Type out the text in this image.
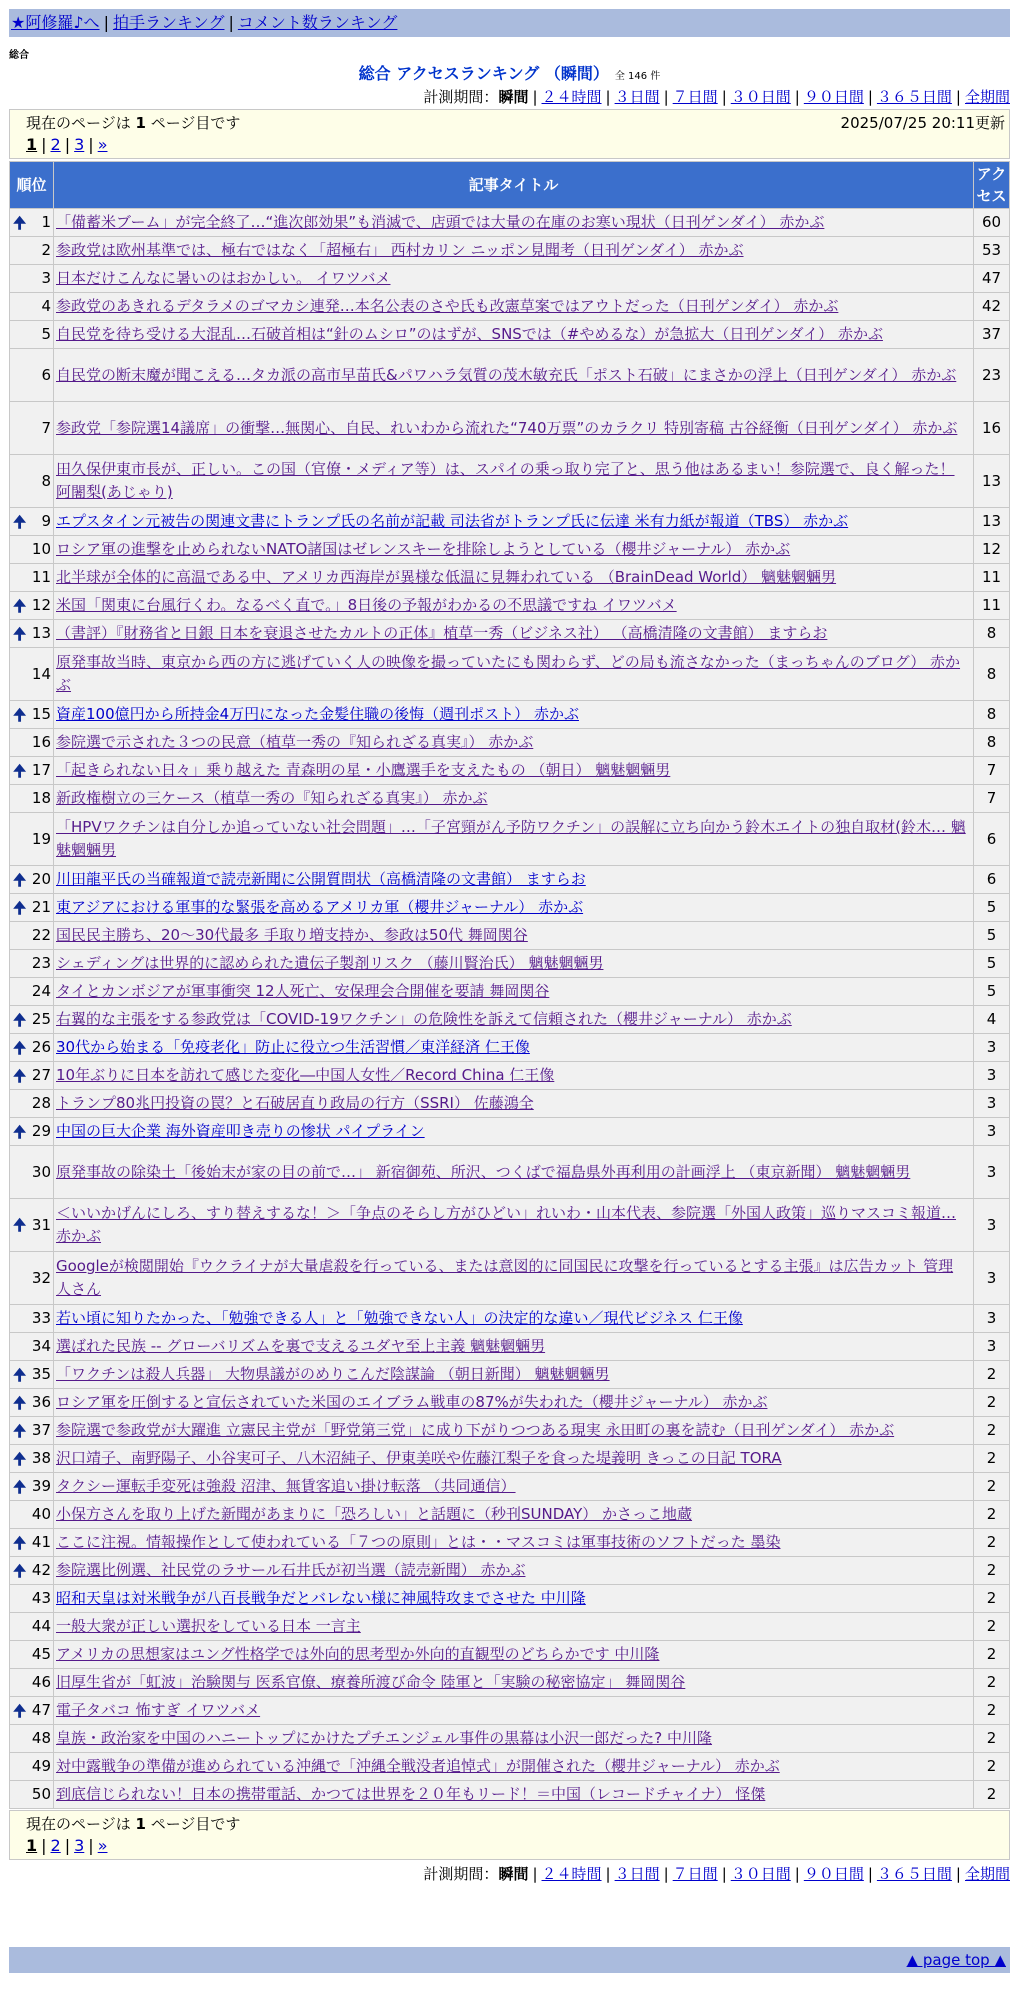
★阿修羅♪へ | 拍手ランキング | コメント数ランキング
総合
総合 アクセスランキング （瞬間） 全 146 件
計測期間：瞬間 | ２４時間 | ３日間 | ７日間 | ３０日間 | ９０日間 | ３６５日間 | 全期間
現在のページは 1 ページ目です	2025/07/25 20:11更新
1 | 2 | 3 | »
順位	記事タイトル	アクセス

🠉 1	「備蓄米ブーム」が完全終了…“進次郎効果”も消滅で、店頭では大量の在庫のお寒い現状（日刊ゲンダイ） 赤かぶ	60
2	参政党は欧州基準では、極右ではなく「超極右」 西村カリン ニッポン見聞考（日刊ゲンダイ） 赤かぶ	53
3	日本だけこんなに暑いのはおかしい。 イワツバメ	47
4	参政党のあきれるデタラメのゴマカシ連発…本名公表のさや氏も改憲草案ではアウトだった（日刊ゲンダイ） 赤かぶ	42
5	自民党を待ち受ける大混乱…石破首相は“針のムシロ”のはずが、SNSでは（#やめるな）が急拡大（日刊ゲンダイ） 赤かぶ	37
6	自民党の断末魔が聞こえる…タカ派の高市早苗氏&パワハラ気質の茂木敏充氏「ポスト石破」にまさかの浮上（日刊ゲンダイ） 赤かぶ	23
7	参政党「参院選14議席」の衝撃…無関心、自民、れいわから流れた“740万票”のカラクリ 特別寄稿 古谷経衡（日刊ゲンダイ） 赤かぶ	16
8	田久保伊東市長が、正しい。この国（官僚・メディア等）は、スパイの乗っ取り完了と、思う他はあるまい！参院選で、良く解った！ 阿闍梨(あじゃり)	13

🠉 9	エプスタイン元被告の関連文書にトランプ氏の名前が記載 司法省がトランプ氏に伝達 米有力紙が報道（TBS） 赤かぶ	13
10	ロシア軍の進撃を止められないNATO諸国はゼレンスキーを排除しようとしている（櫻井ジャーナル） 赤かぶ	12
11	北半球が全体的に高温である中、アメリカ西海岸が異様な低温に見舞われている （BrainDead World） 魑魅魍魎男	11

🠉 12	米国「関東に台風行くわ。なるべく直で。」8日後の予報がわかるの不思議ですね イワツバメ	11

🠉 13	（書評）『財務省と日銀 日本を衰退させたカルトの正体』植草一秀（ビジネス社） （高橋清隆の文書館） ますらお	8
14	原発事故当時、東京から西の方に逃げていく人の映像を撮っていたにも関わらず、どの局も流さなかった（まっちゃんのブログ） 赤かぶ	8

🠉 15	資産100億円から所持金4万円になった金髪住職の後悔（週刊ポスト） 赤かぶ	8
16	参院選で示された３つの民意（植草一秀の『知られざる真実』） 赤かぶ	8

🠉 17	「起きられない日々」乗り越えた 青森明の星・小鷹選手を支えたもの （朝日） 魑魅魍魎男	7
18	新政権樹立の三ケース（植草一秀の『知られざる真実』） 赤かぶ	7
19	「HPVワクチンは自分しか追っていない社会問題」…「子宮頸がん予防ワクチン」の誤解に立ち向かう鈴木エイトの独自取材(鈴木… 魑魅魍魎男	6

🠉 20	川田龍平氏の当確報道で読売新聞に公開質問状（高橋清隆の文書館） ますらお	6

🠉 21	東アジアにおける軍事的な緊張を高めるアメリカ軍（櫻井ジャーナル） 赤かぶ	5
22	国民民主勝ち、20～30代最多 手取り増支持か、参政は50代 舞岡関谷	5
23	シェディングは世界的に認められた遺伝子製剤リスク （藤川賢治氏） 魑魅魍魎男	5
24	タイとカンボジアが軍事衝突 12人死亡、安保理会合開催を要請 舞岡関谷	5

🠉 25	右翼的な主張をする参政党は「COVID-19ワクチン」の危険性を訴えて信頼された（櫻井ジャーナル） 赤かぶ	4

🠉 26	30代から始まる「免疫老化」防止に役立つ生活習慣／東洋経済 仁王像	3

🠉 27	10年ぶりに日本を訪れて感じた変化―中国人女性／Record China 仁王像	3
28	トランプ80兆円投資の罠？と石破居直り政局の行方（SSRI） 佐藤鴻全	3

🠉 29	中国の巨大企業 海外資産叩き売りの惨状 パイプライン	3
30	原発事故の除染土「後始末が家の目の前で…」 新宿御苑、所沢、つくばで福島県外再利用の計画浮上 （東京新聞） 魑魅魍魎男	3

🠉 31	＜いいかげんにしろ、すり替えするな！＞「争点のそらし方がひどい」れいわ・山本代表、参院選「外国人政策」巡りマスコミ報道… 赤かぶ	3
32	Googleが検閲開始『ウクライナが大量虐殺を行っている、または意図的に同国民に攻撃を行っているとする主張』は広告カット 管理人さん	3
33	若い頃に知りたかった、「勉強できる人」と「勉強できない人」の決定的な違い／現代ビジネス 仁王像	3
34	選ばれた民族 -- グローバリズムを裏で支えるユダヤ至上主義 魑魅魍魎男	3

🠉 35	「ワクチンは殺人兵器」 大物県議がのめりこんだ陰謀論 （朝日新聞） 魑魅魍魎男	2

🠉 36	ロシア軍を圧倒すると宣伝されていた米国のエイブラム戦車の87%が失われた（櫻井ジャーナル） 赤かぶ	2

🠉 37	参院選で参政党が大躍進 立憲民主党が「野党第三党」に成り下がりつつある現実 永田町の裏を読む（日刊ゲンダイ） 赤かぶ	2

🠉 38	沢口靖子、南野陽子、小谷実可子、八木沼純子、伊東美咲や佐藤江梨子を食った堤義明 きっこの日記 TORA	2

🠉 39	タクシー運転手変死は強殺 沼津、無賃客追い掛け転落 （共同通信）	2
40	小保方さんを取り上げた新聞があまりに「恐ろしい」と話題に（秒刊SUNDAY） かさっこ地蔵	2

🠉 41	ここに注視。情報操作として使われている「７つの原則」とは・・マスコミは軍事技術のソフトだった 墨染	2

🠉 42	参院選比例選、社民党のラサール石井氏が初当選（読売新聞） 赤かぶ	2
43	昭和天皇は対米戦争が八百長戦争だとバレない様に神風特攻までさせた 中川隆	2
44	一般大衆が正しい選択をしている日本 一言主	2
45	アメリカの思想家はユング性格学では外向的思考型か外向的直観型のどちらかです 中川隆	2
46	旧厚生省が「虹波」治験関与 医系官僚、療養所渡び命令 陸軍と「実験の秘密協定」 舞岡関谷	2

🠉 47	電子タバコ 怖すぎ イワツバメ	2
48	皇族・政治家を中国のハニートップにかけたプチエンジェル事件の黒幕は小沢一郎だった? 中川隆	2
49	対中露戦争の準備が進められている沖縄で「沖縄全戦没者追悼式」が開催された（櫻井ジャーナル） 赤かぶ	2
50	到底信じられない！日本の携帯電話、かつては世界を２０年もリード！＝中国（レコードチャイナ） 怪傑	2
現在のページは 1 ページ目です
1 | 2 | 3 | »
計測期間：瞬間 | ２４時間 | ３日間 | ７日間 | ３０日間 | ９０日間 | ３６５日間 | 全期間
▲ page top ▲
